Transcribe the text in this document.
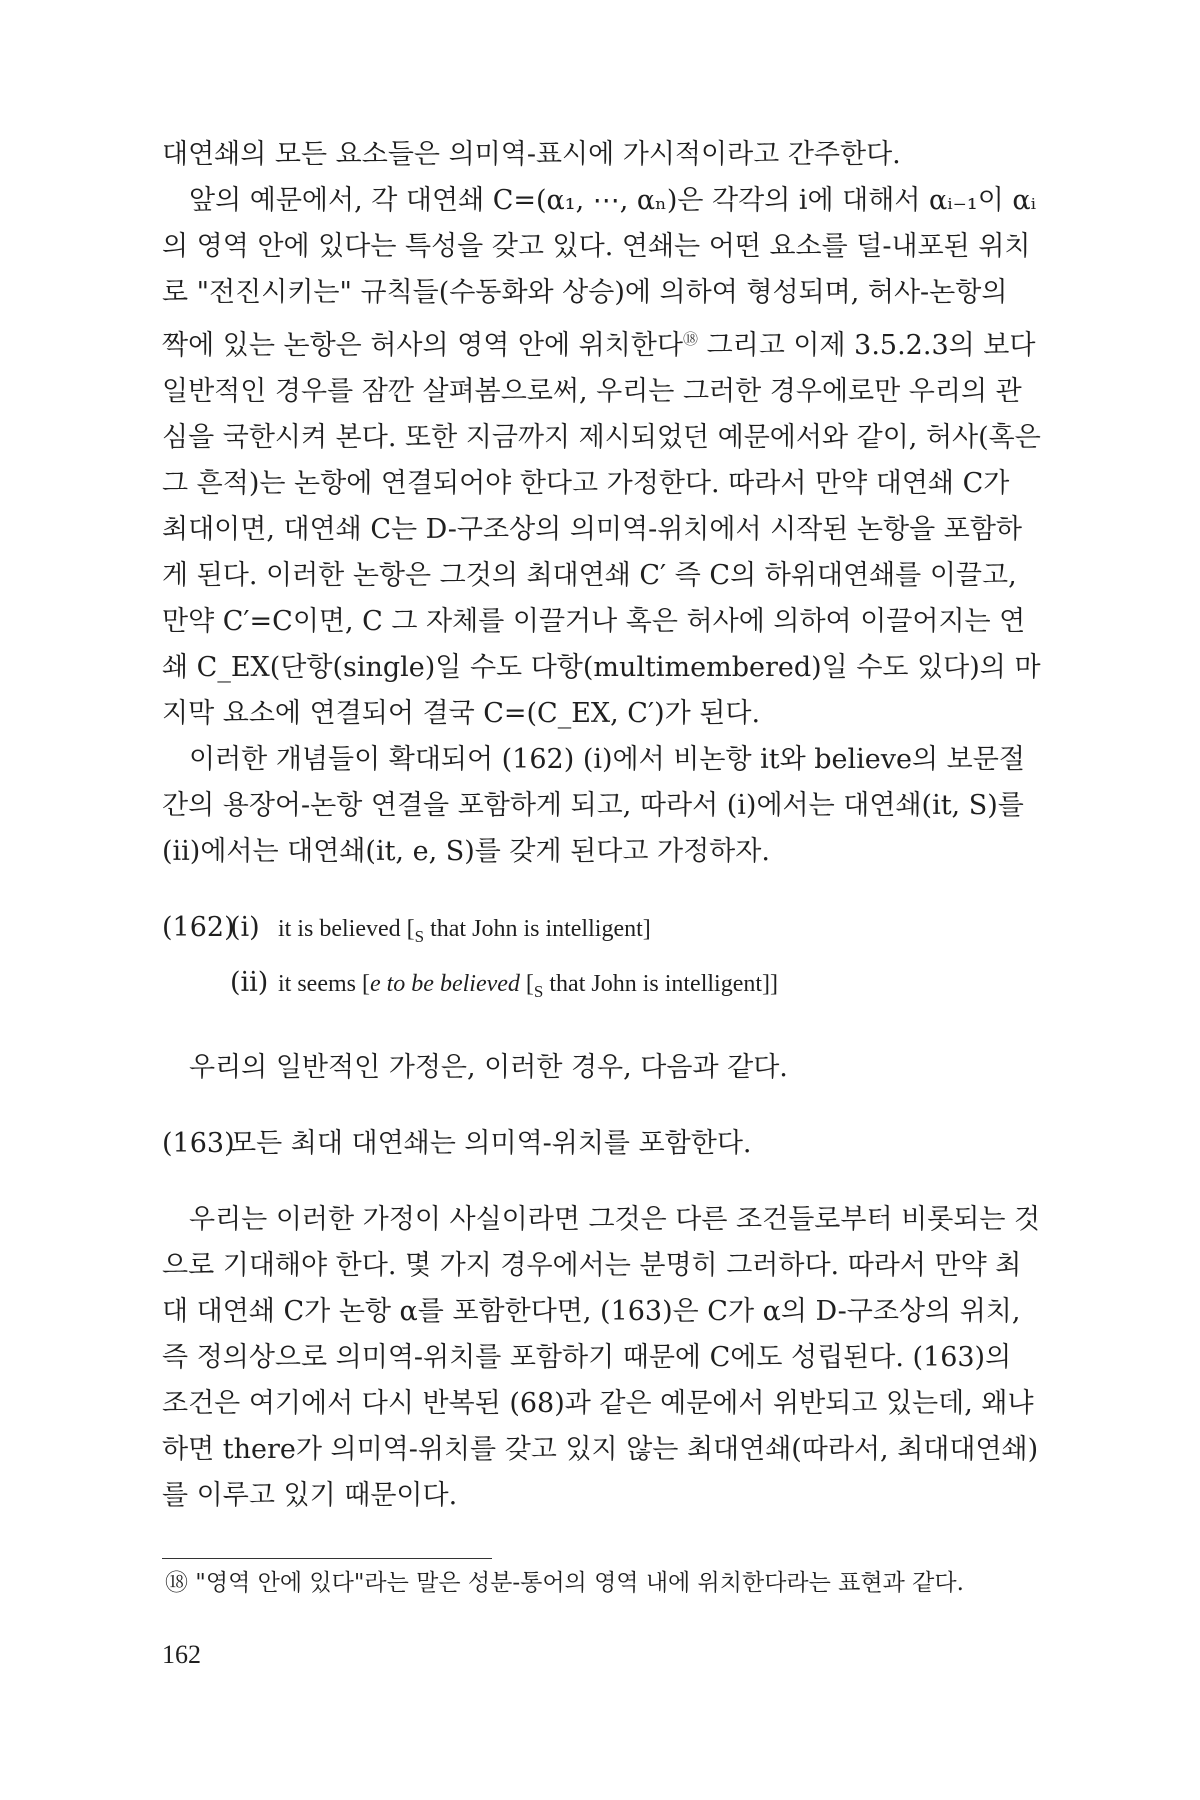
대연쇄의 모든 요소들은 의미역-표시에 가시적이라고 간주한다.

앞의 예문에서, 각 대연쇄 C=(α₁, ⋯, αₙ)은 각각의 i에 대해서 αᵢ₋₁이 αᵢ의 영역 안에 있다는 특성을 갖고 있다. 연쇄는 어떤 요소를 덜-내포된 위치로 "전진시키는" 규칙들(수동화와 상승)에 의하여 형성되며, 허사-논항의 짝에 있는 논항은 허사의 영역 안에 위치한다⑱ 그리고 이제 3.5.2.3의 보다 일반적인 경우를 잠깐 살펴봄으로써, 우리는 그러한 경우에로만 우리의 관심을 국한시켜 본다. 또한 지금까지 제시되었던 예문에서와 같이, 허사(혹은 그 흔적)는 논항에 연결되어야 한다고 가정한다. 따라서 만약 대연쇄 C가 최대이면, 대연쇄 C는 D-구조상의 의미역-위치에서 시작된 논항을 포함하게 된다. 이러한 논항은 그것의 최대연쇄 C′ 즉 C의 하위대연쇄를 이끌고, 만약 C′=C이면, C 그 자체를 이끌거나 혹은 허사에 의하여 이끌어지는 연쇄 C_EX(단항(single)일 수도 다항(multimembered)일 수도 있다)의 마지막 요소에 연결되어 결국 C=(C_EX, C′)가 된다.

이러한 개념들이 확대되어 (162) (i)에서 비논항 it와 believe의 보문절간의 용장어-논항 연결을 포함하게 되고, 따라서 (i)에서는 대연쇄(it, S)를 (ii)에서는 대연쇄(it, e, S)를 갖게 된다고 가정하자.

(162)
(i) it is believed [$_S$ that John is intelligent]
(ii) it seems [e to be believed [$_S$ that John is intelligent]]

우리의 일반적인 가정은, 이러한 경우, 다음과 같다.

(163)
모든 최대 대연쇄는 의미역-위치를 포함한다.

우리는 이러한 가정이 사실이라면 그것은 다른 조건들로부터 비롯되는 것으로 기대해야 한다. 몇 가지 경우에서는 분명히 그러하다. 따라서 만약 최대 대연쇄 C가 논항 α를 포함한다면, (163)은 C가 α의 D-구조상의 위치, 즉 정의상으로 의미역-위치를 포함하기 때문에 C에도 성립된다. (163)의 조건은 여기에서 다시 반복된 (68)과 같은 예문에서 위반되고 있는데, 왜냐하면 there가 의미역-위치를 갖고 있지 않는 최대연쇄(따라서, 최대대연쇄)를 이루고 있기 때문이다.

⑱ "영역 안에 있다"라는 말은 성분-통어의 영역 내에 위치한다라는 표현과 같다.
162
